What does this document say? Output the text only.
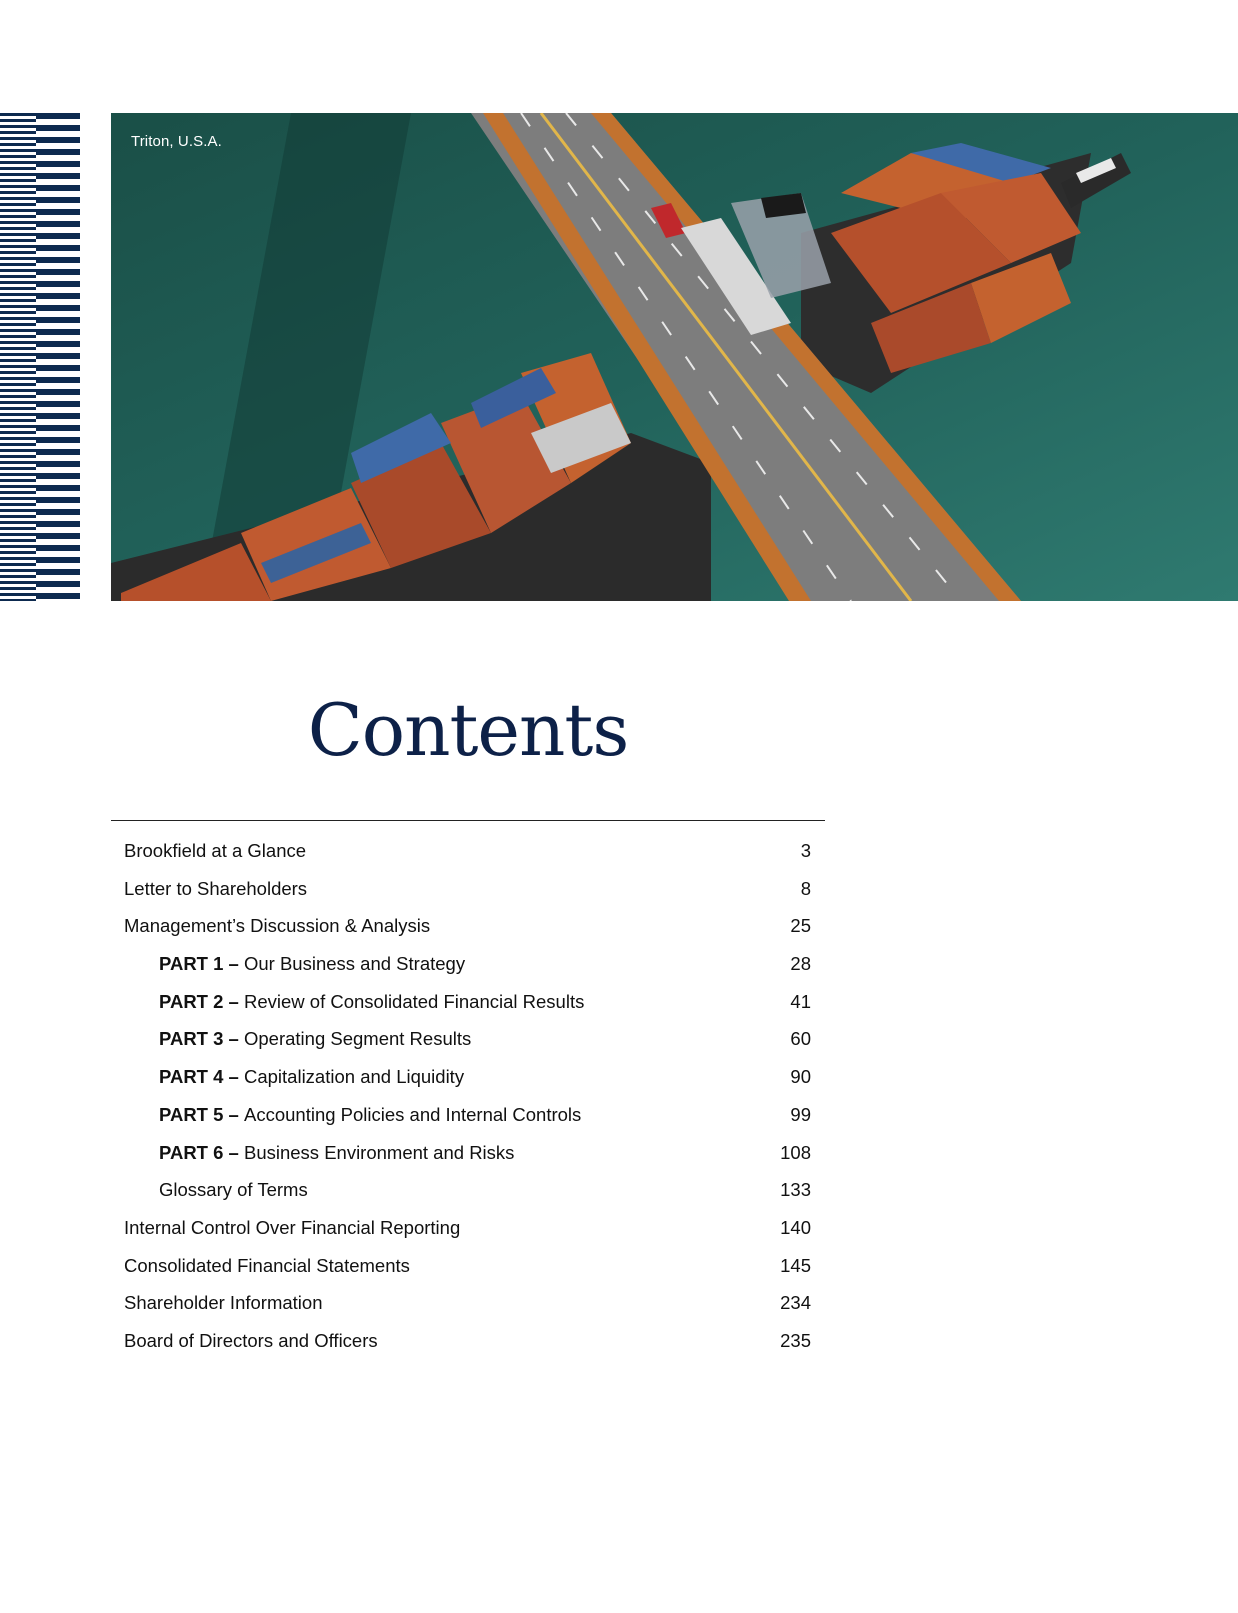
Triton, U.S.A.
Contents
Brookfield at a Glance	3
Letter to Shareholders	8
Management’s Discussion & Analysis	25
PART 1 – Our Business and Strategy	28
PART 2 – Review of Consolidated Financial Results	41
PART 3 – Operating Segment Results	60
PART 4 – Capitalization and Liquidity	90
PART 5 – Accounting Policies and Internal Controls	99
PART 6 – Business Environment and Risks	108
Glossary of Terms	133
Internal Control Over Financial Reporting	140
Consolidated Financial Statements	145
Shareholder Information	234
Board of Directors and Officers	235
